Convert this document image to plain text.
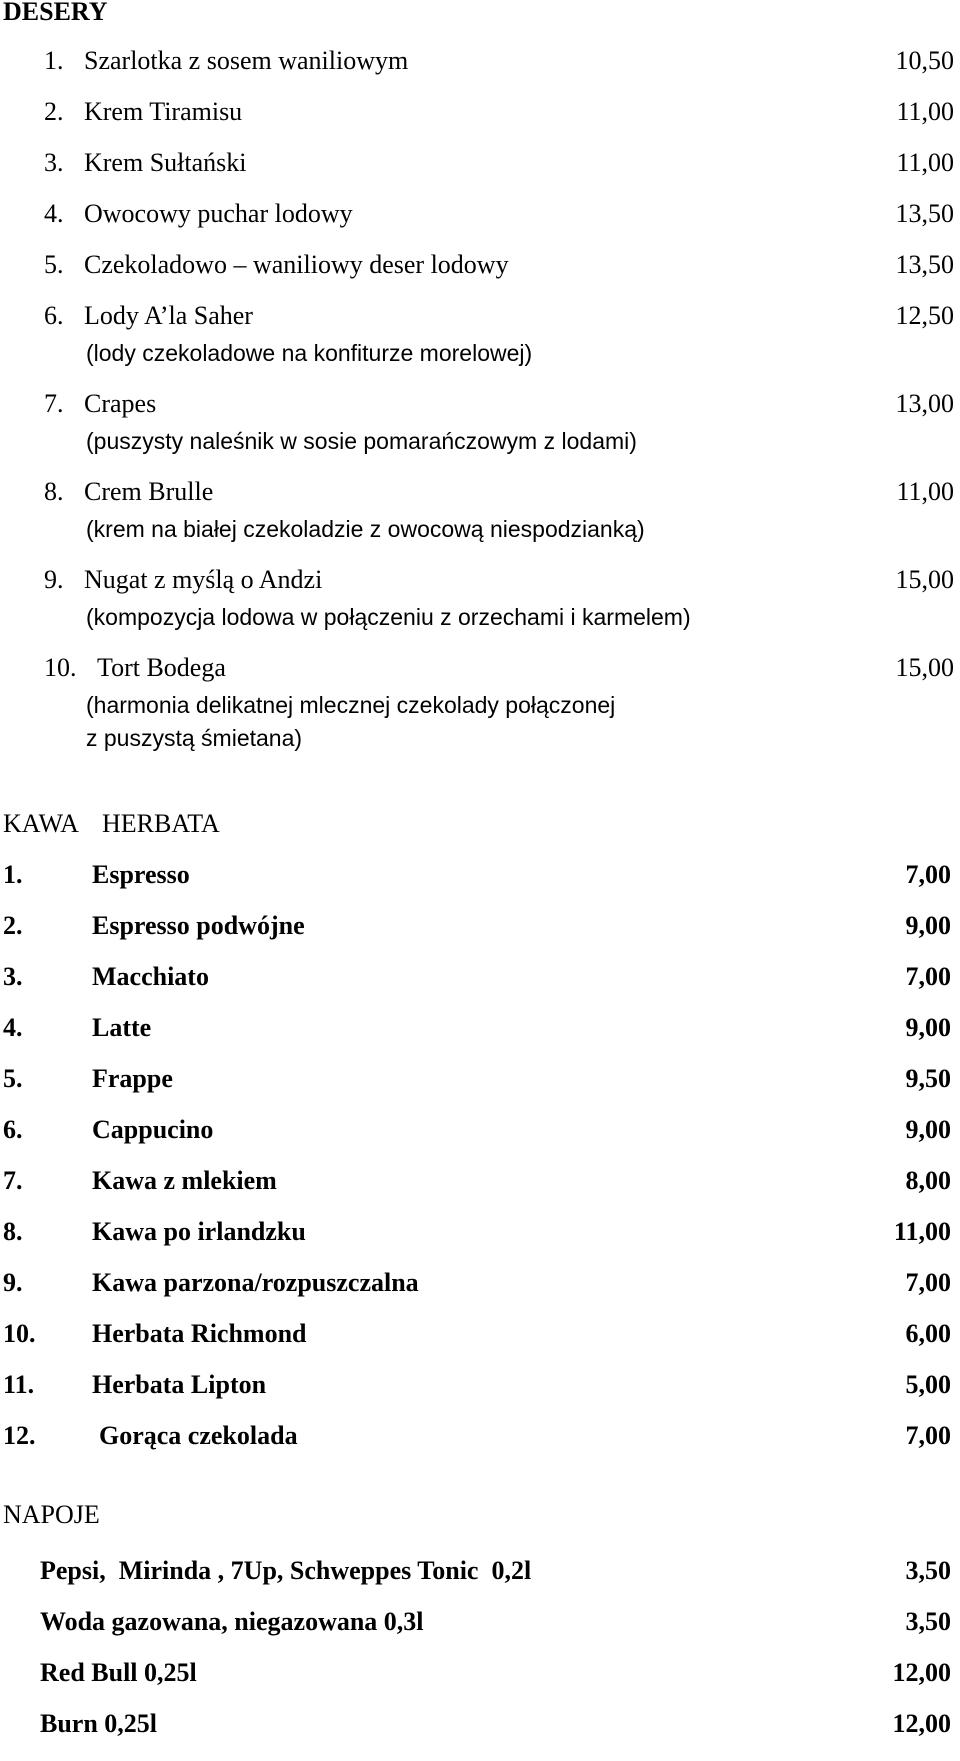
DESERY
1. Szarlotka z sosem waniliowym	10,50
2. Krem Tiramisu	11,00
3. Krem Sułtański	11,00
4. Owocowy puchar lodowy	13,50
5. Czekoladowo – waniliowy deser lodowy	13,50
6. Lody A’la Saher	12,50
(lody czekoladowe na konfiturze morelowej)
7. Crapes	13,00
(puszysty naleśnik w sosie pomarańczowym z lodami)
8. Crem Brulle	11,00
(krem na białej czekoladzie z owocową niespodzianką)
9. Nugat z myślą o Andzi	15,00
(kompozycja lodowa w połączeniu z orzechami i karmelem)
10. Tort Bodega	15,00
(harmonia delikatnej mlecznej czekolady połączonej
z puszystą śmietana)
KAWA HERBATA
1.	Espresso	7,00
2.	Espresso podwójne	9,00
3.	Macchiato	7,00
4.	Latte	9,00
5.	Frappe	9,50
6.	Cappucino	9,00
7.	Kawa z mlekiem	8,00
8.	Kawa po irlandzku	11,00
9.	Kawa parzona/rozpuszczalna	7,00
10. Herbata Richmond	6,00
11. Herbata Lipton	5,00
12. Gorąca czekolada	7,00
NAPOJE
Pepsi,  Mirinda , 7Up, Schweppes Tonic  0,2l	3,50
Woda gazowana, niegazowana 0,3l	3,50
Red Bull 0,25l	12,00
Burn 0,25l	12,00
